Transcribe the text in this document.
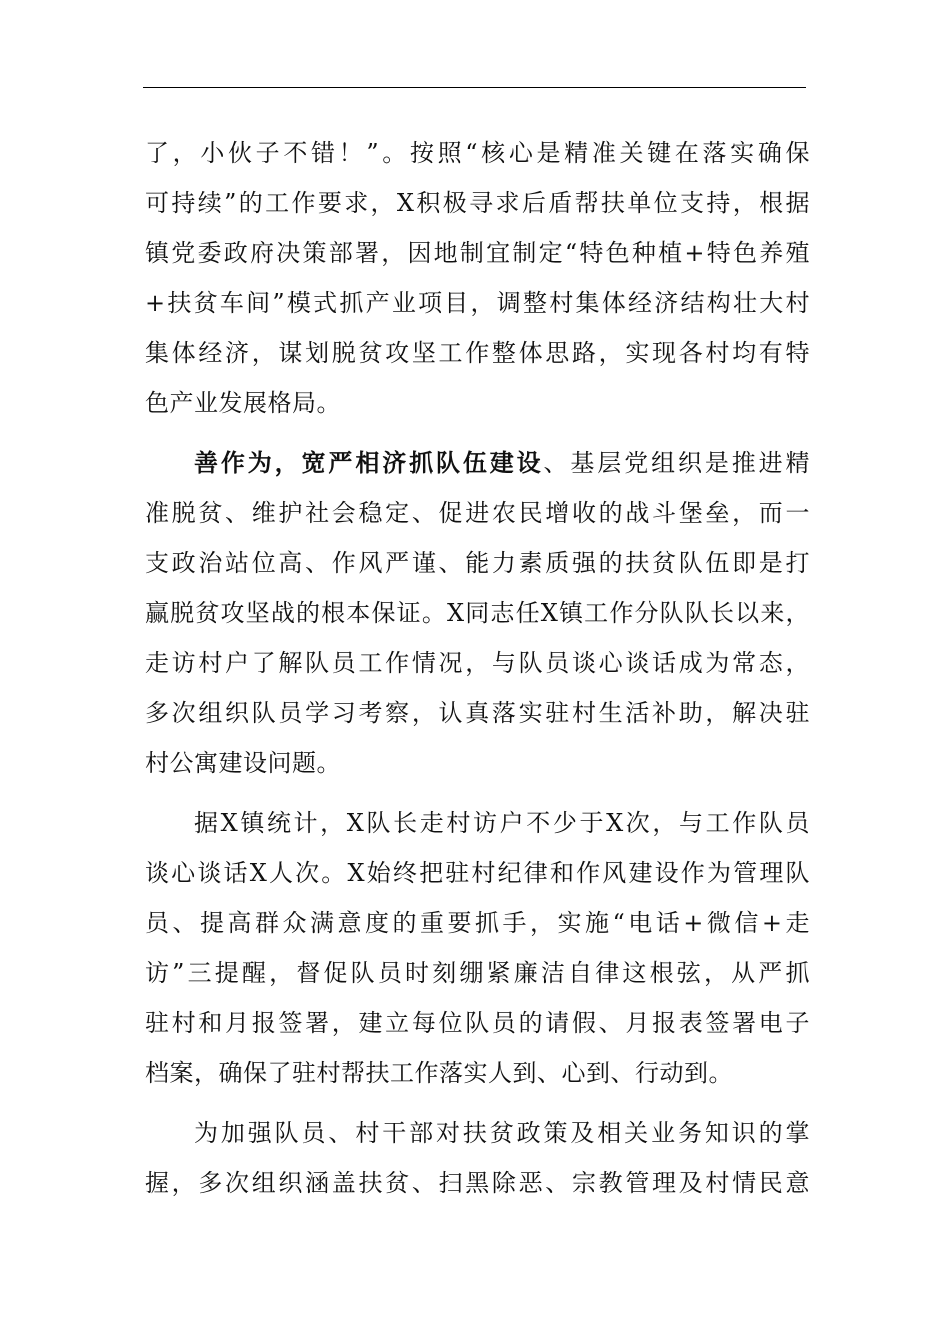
了，小伙子不错！”。按照“核心是精准关键在落实确保
可持续”的工作要求，X积极寻求后盾帮扶单位支持，根据
镇党委政府决策部署，因地制宜制定“特色种植+特色养殖
+扶贫车间”模式抓产业项目，调整村集体经济结构壮大村
集体经济，谋划脱贫攻坚工作整体思路，实现各村均有特
色产业发展格局。
善作为，宽严相济抓队伍建设、基层党组织是推进精
准脱贫、维护社会稳定、促进农民增收的战斗堡垒，而一
支政治站位高、作风严谨、能力素质强的扶贫队伍即是打
赢脱贫攻坚战的根本保证。X同志任X镇工作分队队长以来，
走访村户了解队员工作情况，与队员谈心谈话成为常态，
多次组织队员学习考察，认真落实驻村生活补助，解决驻
村公寓建设问题。
据X镇统计，X队长走村访户不少于X次，与工作队员
谈心谈话X人次。X始终把驻村纪律和作风建设作为管理队
员、提高群众满意度的重要抓手，实施“电话+微信+走
访”三提醒，督促队员时刻绷紧廉洁自律这根弦，从严抓
驻村和月报签署，建立每位队员的请假、月报表签署电子
档案，确保了驻村帮扶工作落实人到、心到、行动到。
为加强队员、村干部对扶贫政策及相关业务知识的掌
握，多次组织涵盖扶贫、扫黑除恶、宗教管理及村情民意
